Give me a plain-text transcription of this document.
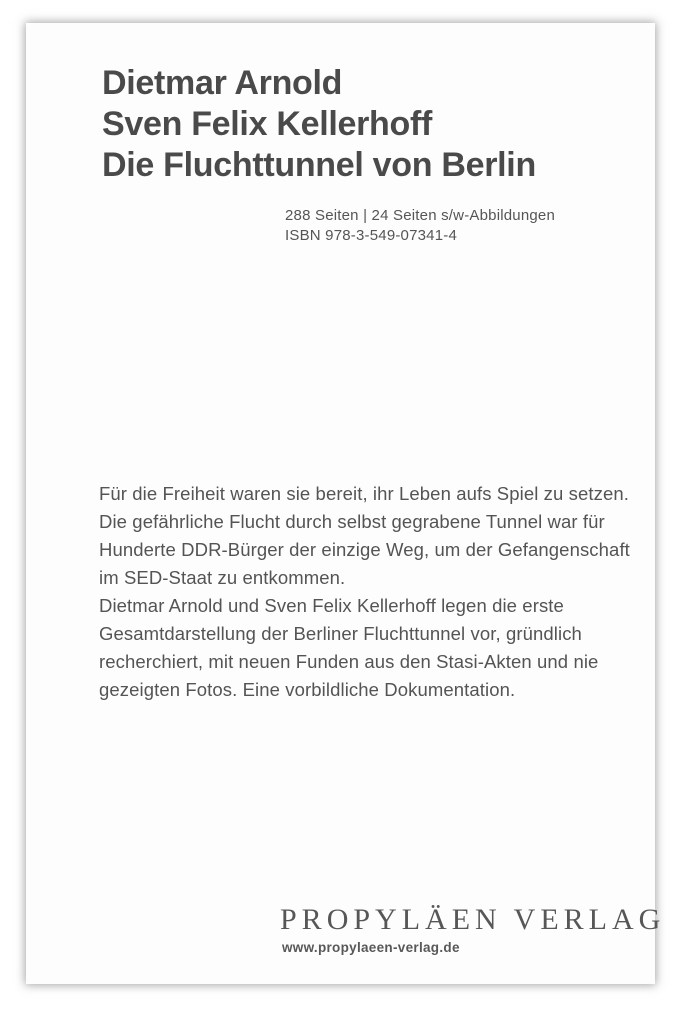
Dietmar Arnold
Sven Felix Kellerhoff
Die Fluchttunnel von Berlin
288 Seiten | 24 Seiten s/w-Abbildungen
ISBN 978-3-549-07341-4
Für die Freiheit waren sie bereit, ihr Leben aufs Spiel zu setzen.
Die gefährliche Flucht durch selbst gegrabene Tunnel war für
Hunderte DDR-Bürger der einzige Weg, um der Gefangenschaft
im SED-Staat zu entkommen.
Dietmar Arnold und Sven Felix Kellerhoff legen die erste
Gesamtdarstellung der Berliner Fluchttunnel vor, gründlich
recherchiert, mit neuen Funden aus den Stasi-Akten und nie
gezeigten Fotos. Eine vorbildliche Dokumentation.
PROPYLÄEN VERLAG
www.propylaeen-verlag.de
